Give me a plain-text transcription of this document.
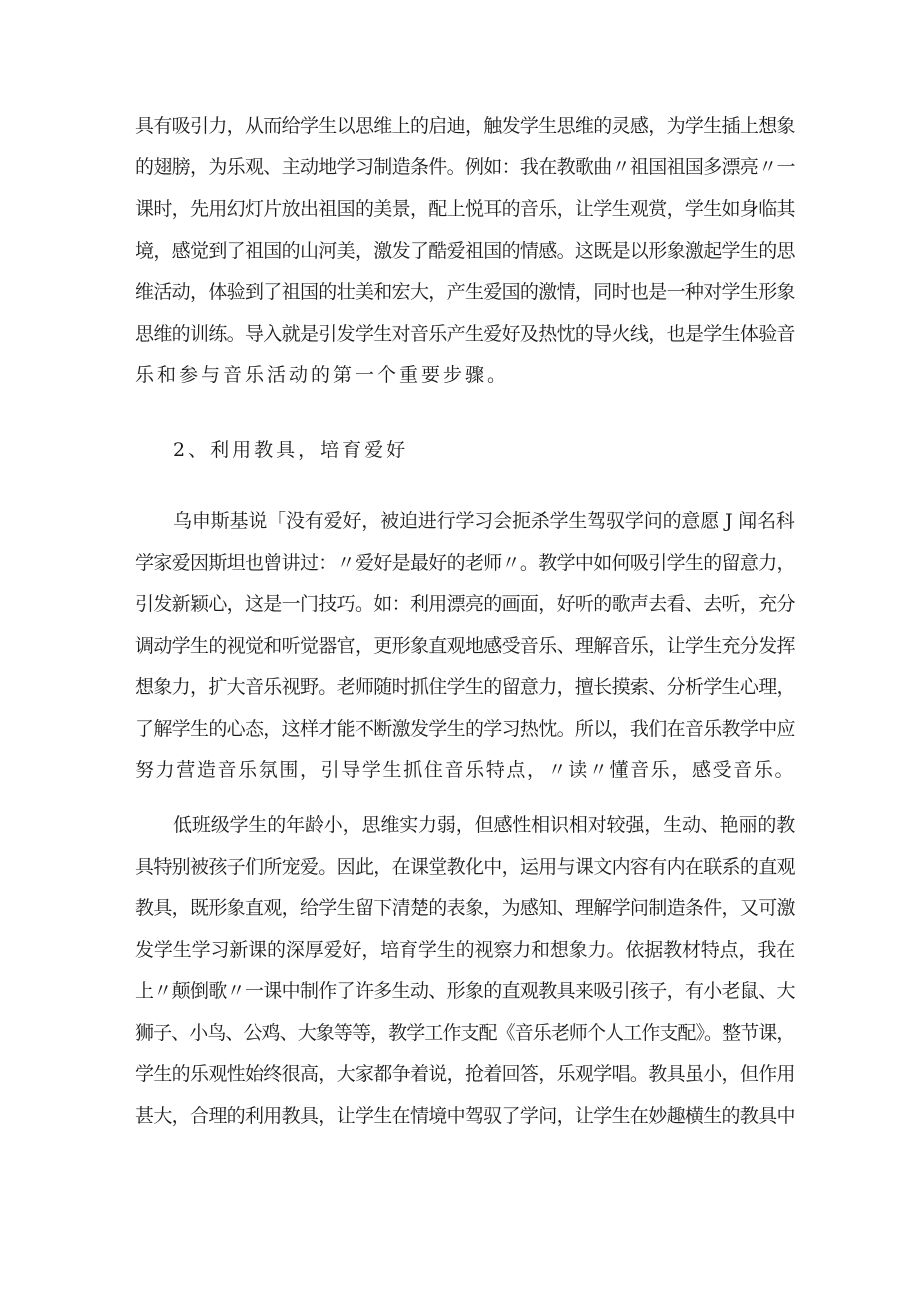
具有吸引力，从而给学生以思维上的启迪，触发学生思维的灵感，为学生插上想象
的翅膀，为乐观、主动地学习制造条件。例如：我在教歌曲〃祖国祖国多漂亮〃一
课时，先用幻灯片放出祖国的美景，配上悦耳的音乐，让学生观赏，学生如身临其
境，感觉到了祖国的山河美，激发了酷爱祖国的情感。这既是以形象激起学生的思
维活动，体验到了祖国的壮美和宏大，产生爱国的激情，同时也是一种对学生形象
思维的训练。导入就是引发学生对音乐产生爱好及热忱的导火线，也是学生体验音
乐和参与音乐活动的第一个重要步骤。
2、利用教具，培育爱好
乌申斯基说「没有爱好，被迫进行学习会扼杀学生驾驭学问的意愿 J 闻名科
学家爱因斯坦也曾讲过：〃爱好是最好的老师〃。教学中如何吸引学生的留意力，
引发新颖心，这是一门技巧。如：利用漂亮的画面，好听的歌声去看、去听，充分
调动学生的视觉和听觉器官，更形象直观地感受音乐、理解音乐，让学生充分发挥
想象力，扩大音乐视野。老师随时抓住学生的留意力，擅长摸索、分析学生心理，
了解学生的心态，这样才能不断激发学生的学习热忱。所以，我们在音乐教学中应
努力营造音乐氛围，引导学生抓住音乐特点，〃读〃懂音乐，感受音乐。
低班级学生的年龄小，思维实力弱，但感性相识相对较强，生动、艳丽的教
具特别被孩子们所宠爱。因此，在课堂教化中，运用与课文内容有内在联系的直观
教具，既形象直观，给学生留下清楚的表象，为感知、理解学问制造条件，又可激
发学生学习新课的深厚爱好，培育学生的视察力和想象力。依据教材特点，我在
上〃颠倒歌〃一课中制作了许多生动、形象的直观教具来吸引孩子，有小老鼠、大
狮子、小鸟、公鸡、大象等等，教学工作支配《音乐老师个人工作支配》。整节课，
学生的乐观性始终很高，大家都争着说，抢着回答，乐观学唱。教具虽小，但作用
甚大，合理的利用教具，让学生在情境中驾驭了学问，让学生在妙趣横生的教具中
